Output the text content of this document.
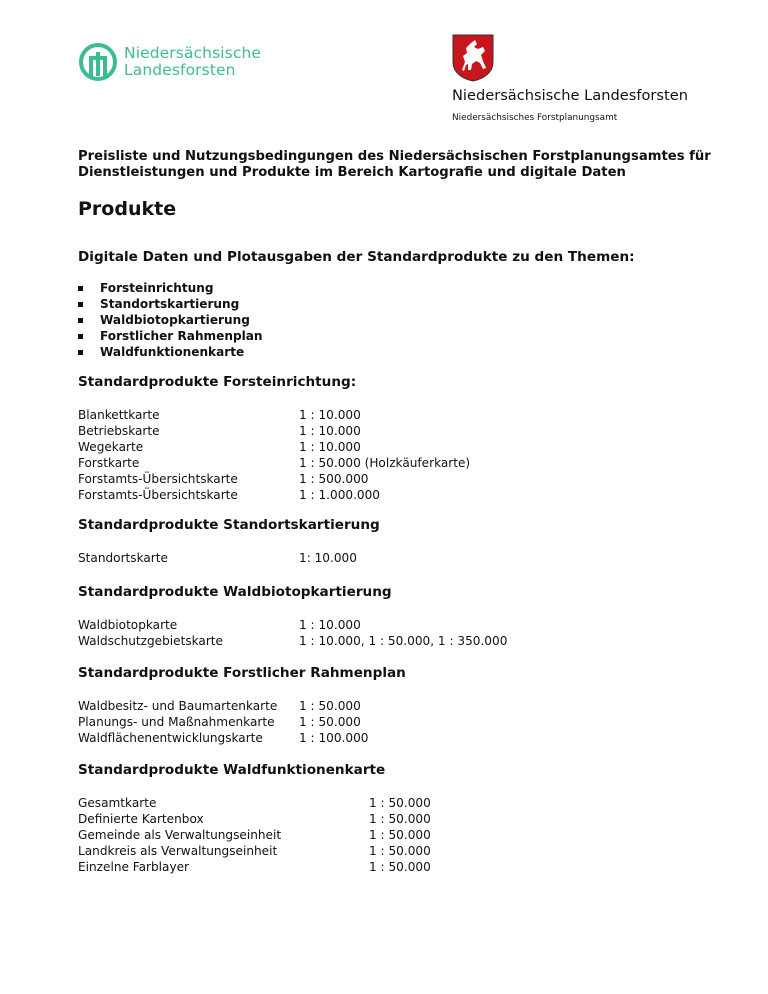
Niedersächsische
Landesforsten
Niedersächsische Landesforsten
Niedersächsisches Forstplanungsamt
Preisliste und Nutzungsbedingungen des Niedersächsischen Forstplanungsamtes für Dienstleistungen und Produkte im Bereich Kartografie und digitale Daten
Produkte
Digitale Daten und Plotausgaben der Standardprodukte zu den Themen:
Forsteinrichtung
Standortskartierung
Waldbiotopkartierung
Forstlicher Rahmenplan
Waldfunktionenkarte
Standardprodukte Forsteinrichtung:
Blankettkarte	1 : 10.000
Betriebskarte	1 : 10.000
Wegekarte	1 : 10.000
Forstkarte	1 : 50.000 (Holzkäuferkarte)
Forstamts-Übersichtskarte	1 : 500.000
Forstamts-Übersichtskarte	1 : 1.000.000
Standardprodukte Standortskartierung
Standortskarte	1: 10.000
Standardprodukte Waldbiotopkartierung
Waldbiotopkarte	1 : 10.000
Waldschutzgebietskarte	1 : 10.000, 1 : 50.000, 1 : 350.000
Standardprodukte Forstlicher Rahmenplan
Waldbesitz- und Baumartenkarte	1 : 50.000
Planungs- und Maßnahmenkarte	1 : 50.000
Waldflächenentwicklungskarte	1 : 100.000
Standardprodukte Waldfunktionenkarte
Gesamtkarte	1 : 50.000
Definierte Kartenbox	1 : 50.000
Gemeinde als Verwaltungseinheit	1 : 50.000
Landkreis als Verwaltungseinheit	1 : 50.000
Einzelne Farblayer	1 : 50.000
